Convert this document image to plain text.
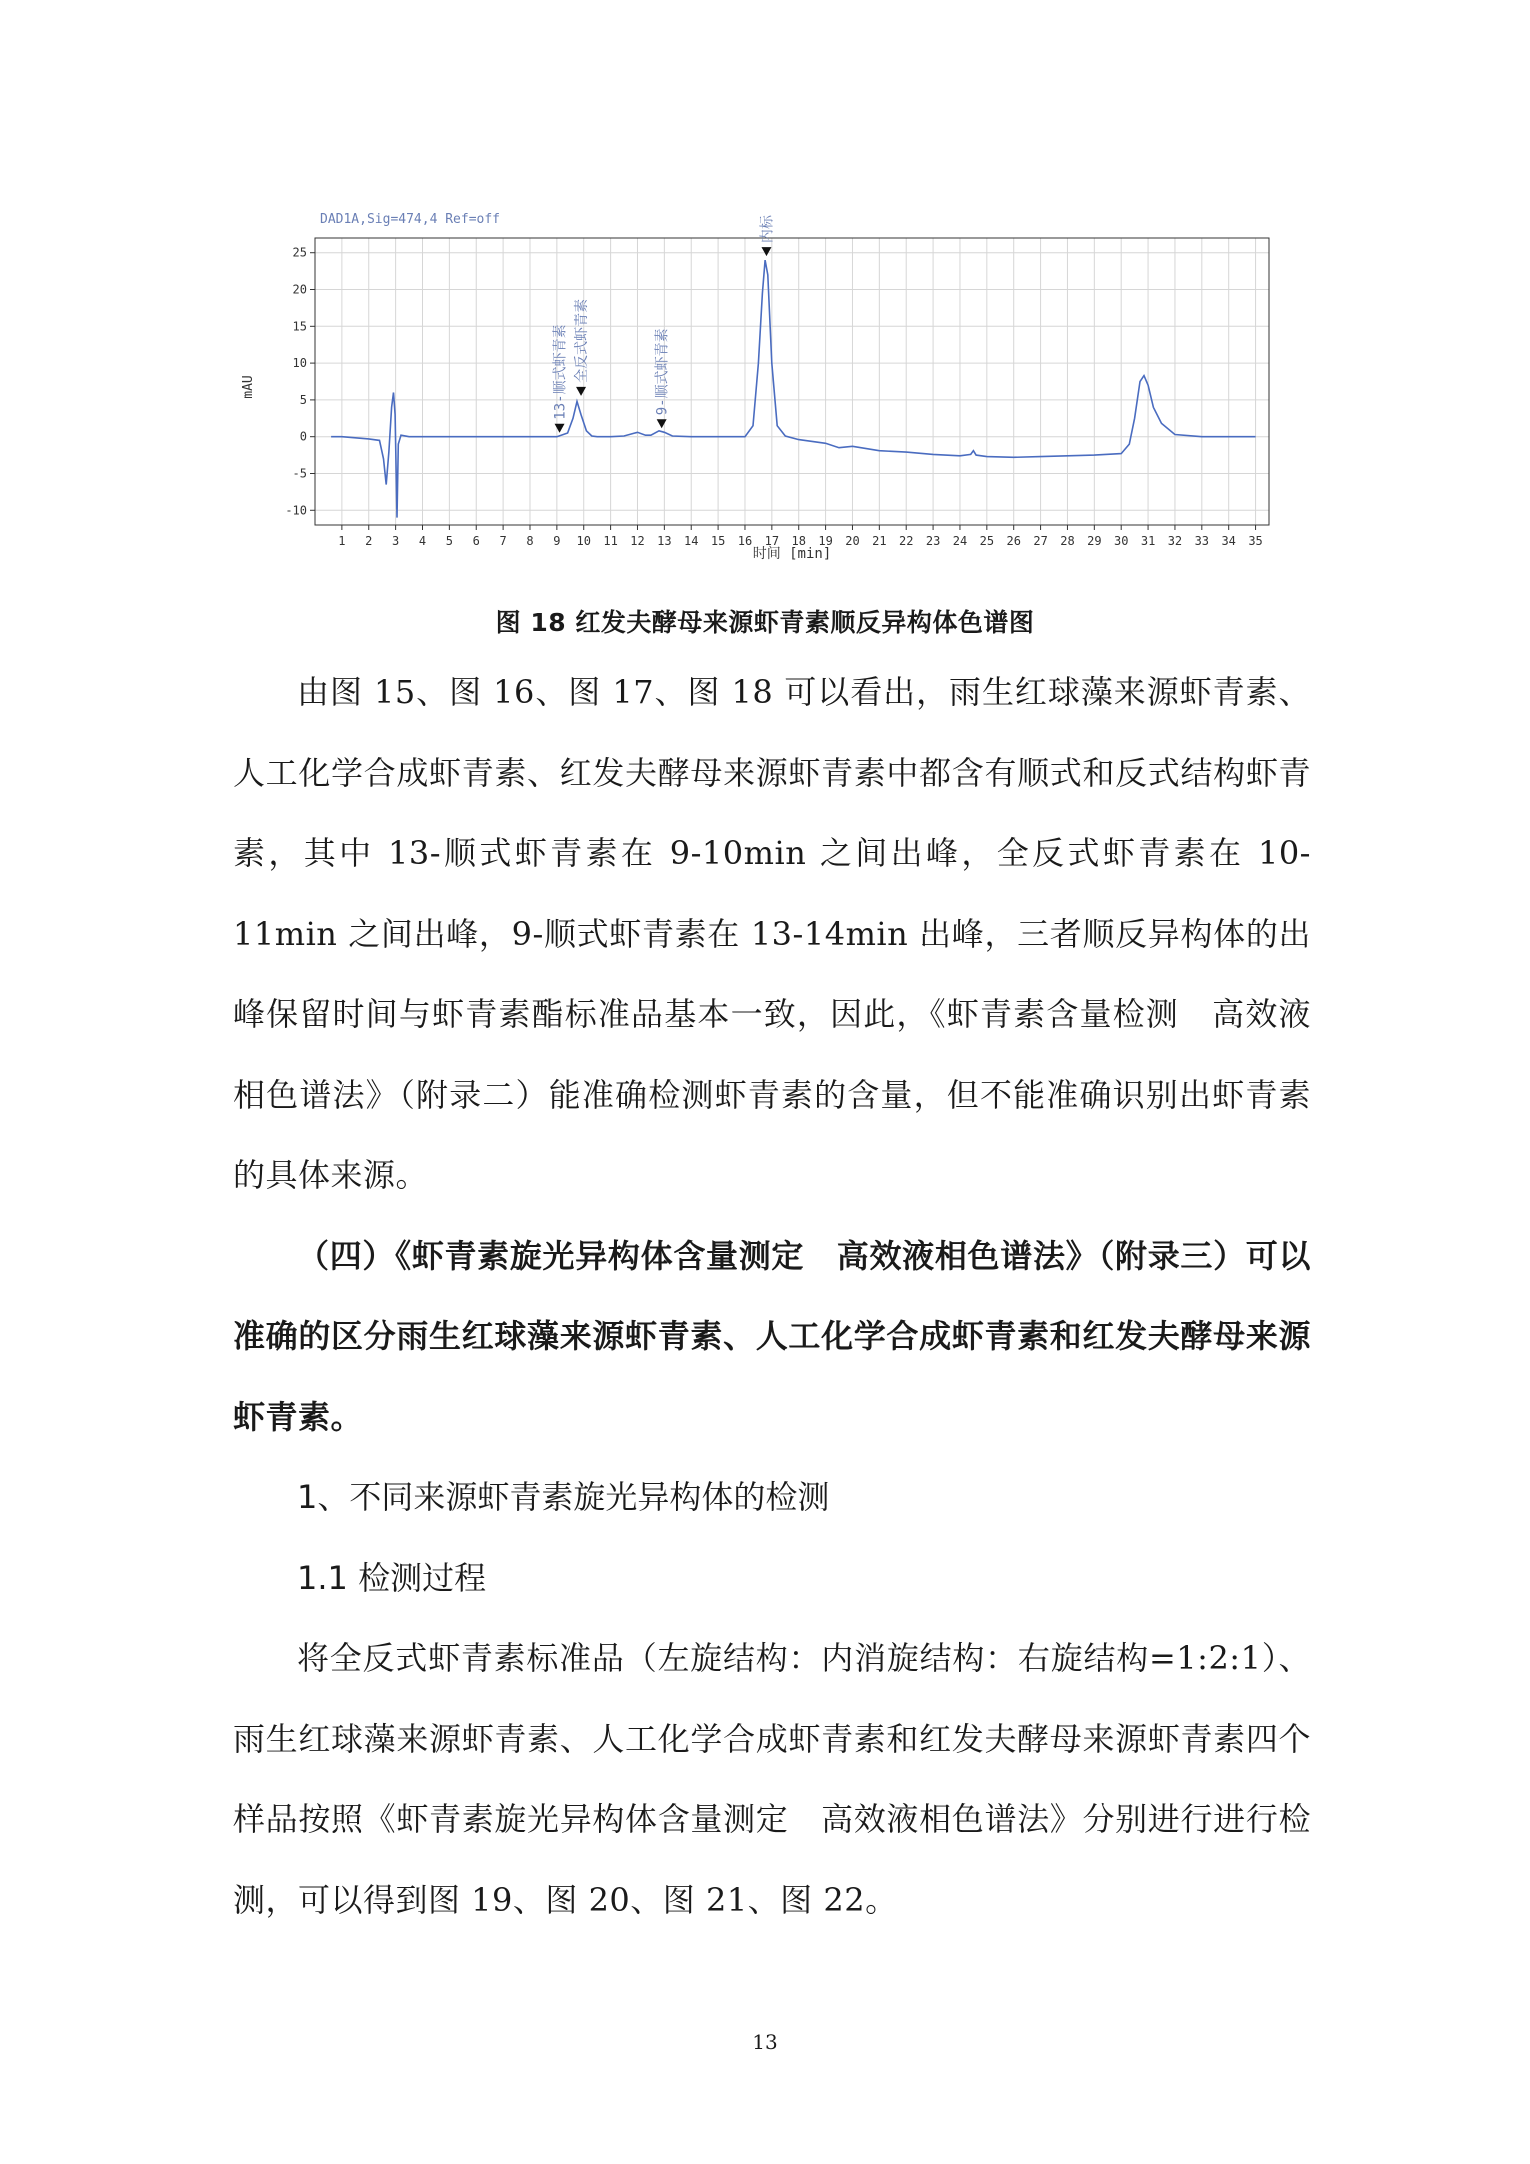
DAD1A,Sig=474,4 Ref=off
-10
-5
0
5
10
15
20
25
1 2 3 4 5 6 7 8 9 10 11 12 13 14 15 16 17 18 19 20 21 22 23 24 25 26 27 28 29 30 31 32 33 34 35
mAU
时间 [min]
13-顺式虾青素 全反式虾青素	9-顺式虾青素
内标
图 18 红发夫酵母来源虾青素顺反异构体色谱图

由图 15、图 16、图 17、图 18 可以看出，雨生红球藻来源虾青素、人工化学合成虾青素、红发夫酵母来源虾青素中都含有顺式和反式结构虾青素，其中 13-顺式虾青素在 9-10min 之间出峰，全反式虾青素在 10-11min 之间出峰，9-顺式虾青素在 13-14min 出峰，三者顺反异构体的出峰保留时间与虾青素酯标准品基本一致，因此，《虾青素含量检测　高效液相色谱法》（附录二）能准确检测虾青素的含量，但不能准确识别出虾青素的具体来源。

（四）《虾青素旋光异构体含量测定　高效液相色谱法》（附录三）可以准确的区分雨生红球藻来源虾青素、人工化学合成虾青素和红发夫酵母来源虾青素。

1、不同来源虾青素旋光异构体的检测

1.1 检测过程

将全反式虾青素标准品（左旋结构：内消旋结构：右旋结构=1:2:1）、雨生红球藻来源虾青素、人工化学合成虾青素和红发夫酵母来源虾青素四个样品按照《虾青素旋光异构体含量测定　高效液相色谱法》分别进行进行检测，可以得到图 19、图 20、图 21、图 22。

13
